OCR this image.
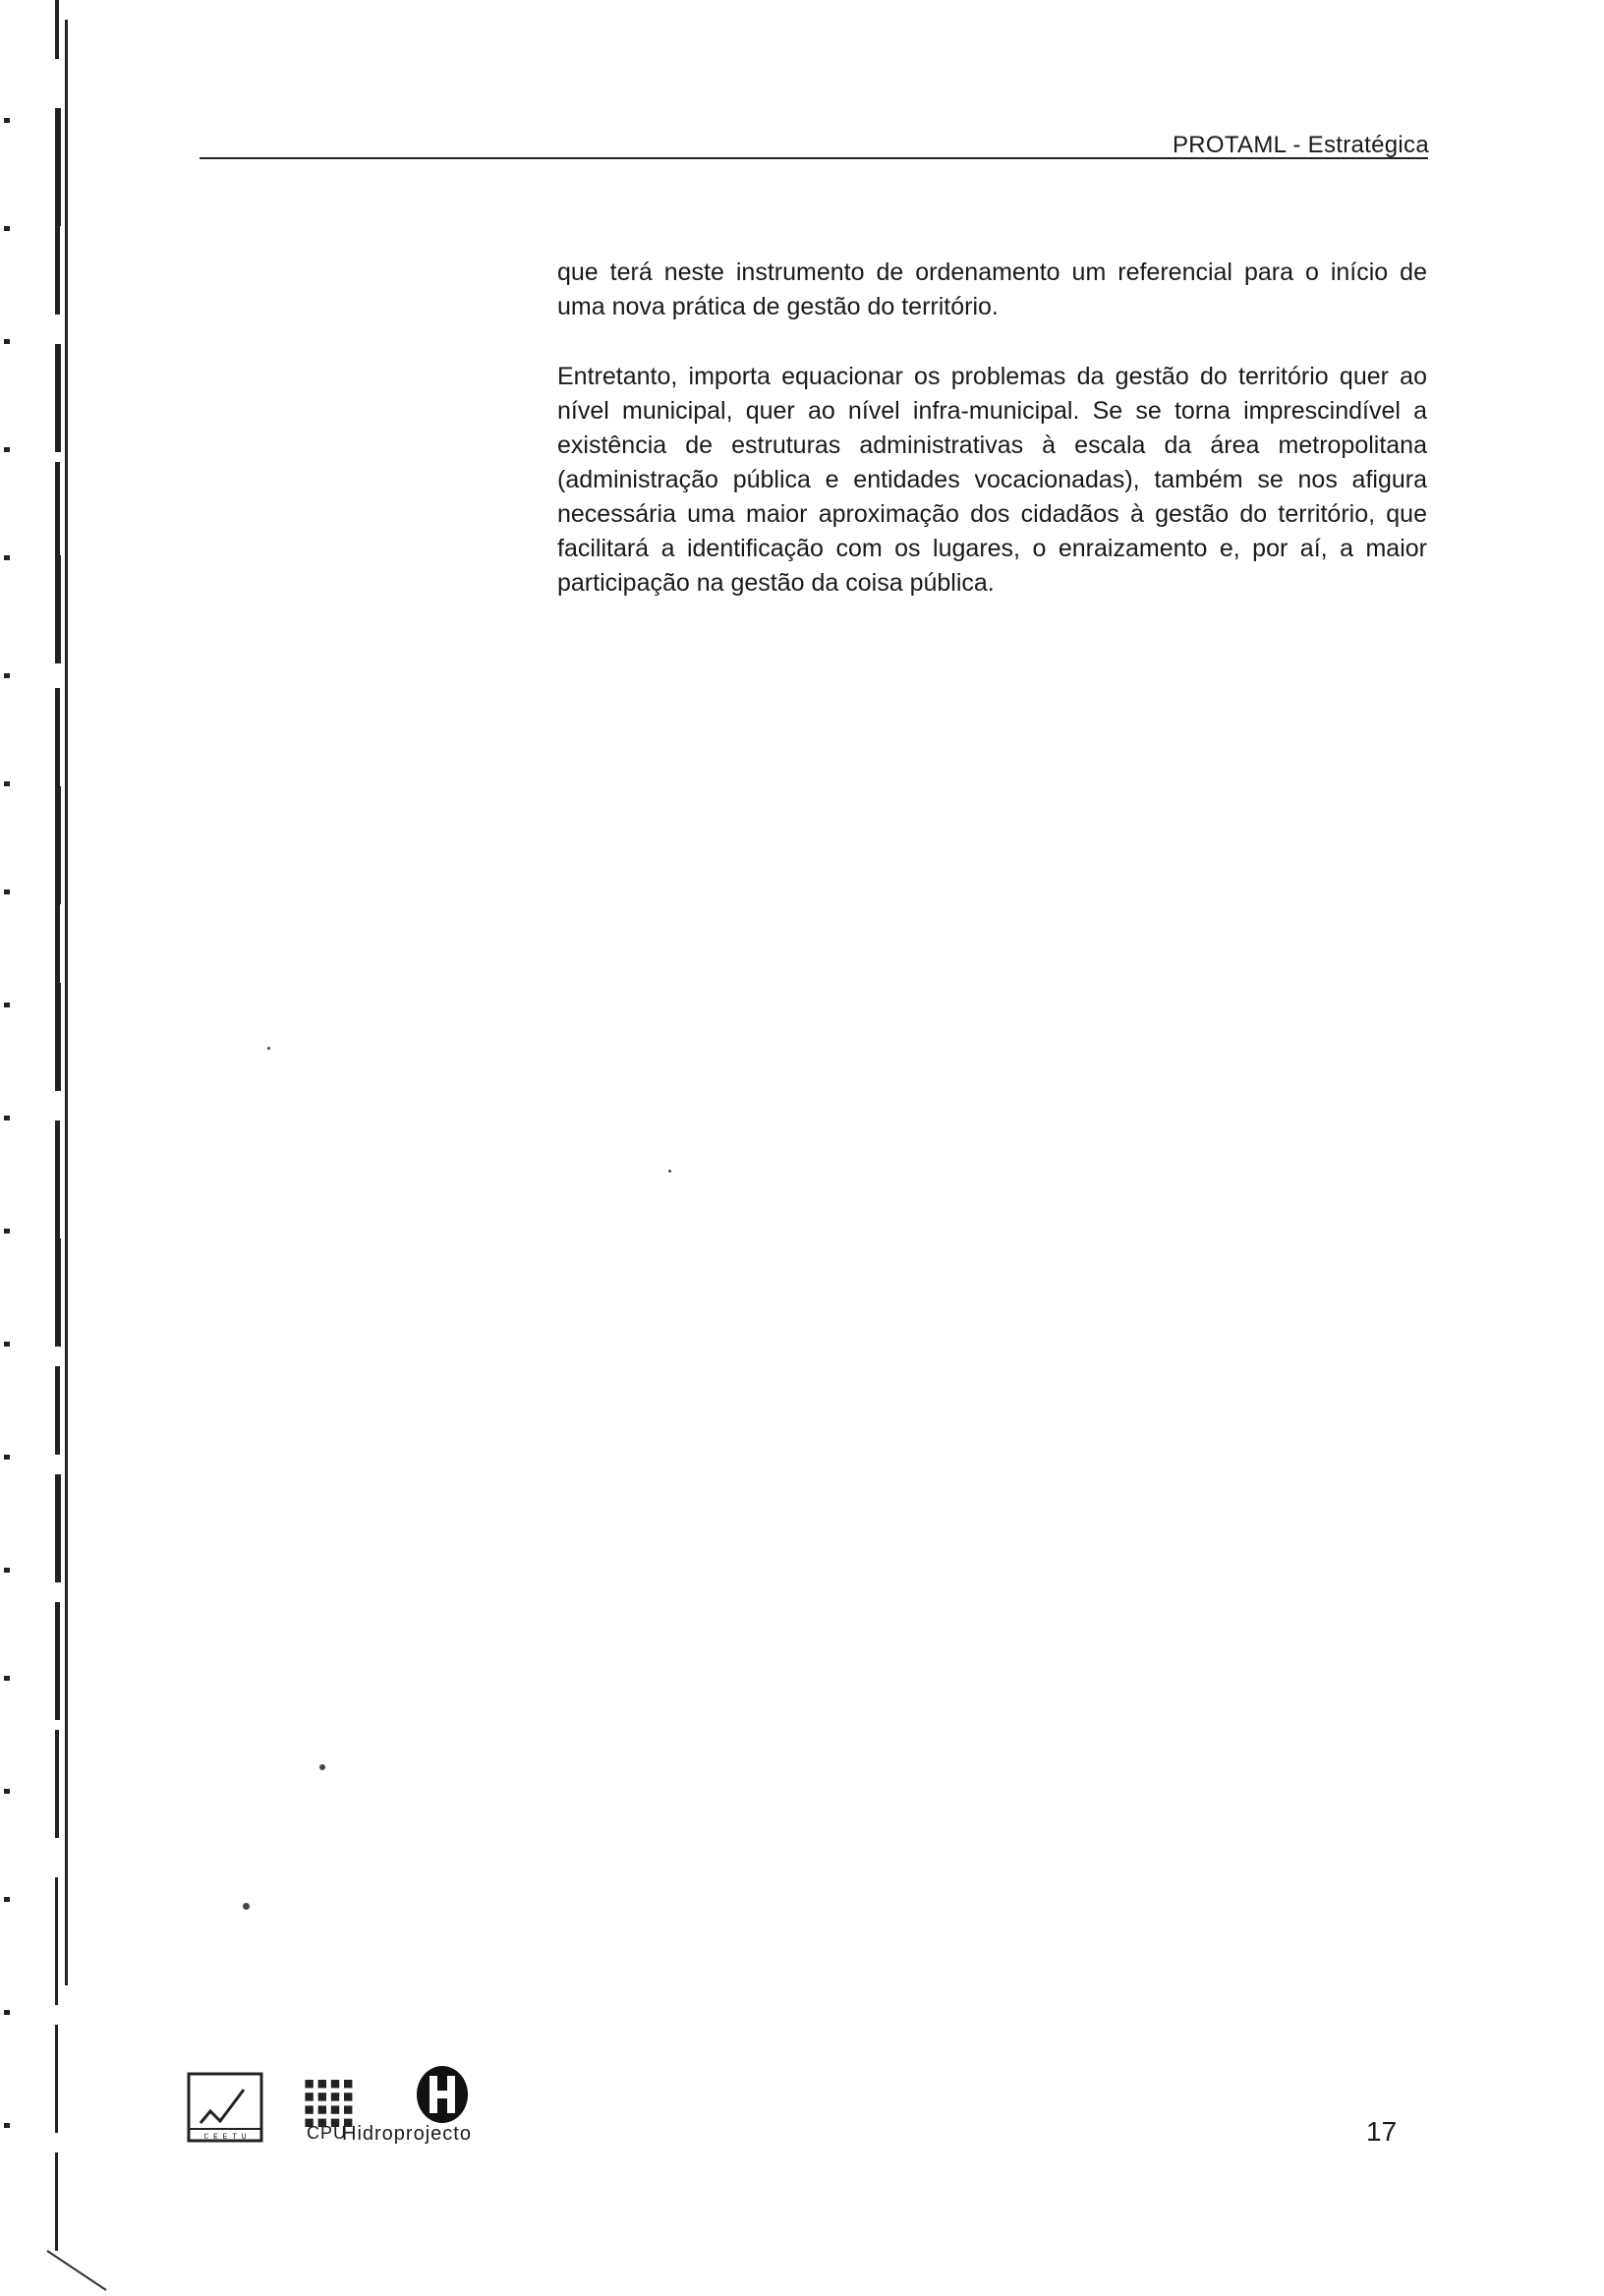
PROTAML - Estratégica

que terá neste instrumento de ordenamento um referencial para o início de uma nova prática de gestão do território.

Entretanto, importa equacionar os problemas da gestão do território quer ao nível municipal, quer ao nível infra-municipal. Se se torna imprescindível a existência de estruturas administrativas à escala da área metropolitana (administração pública e entidades vocacionadas), também se nos afigura necessária uma maior aproximação dos cidadãos à gestão do território, que facilitará a identificação com os lugares, o enraizamento e, por aí, a maior participação na gestão da coisa pública.

C E E T U	CPU
Hidroprojecto	17
